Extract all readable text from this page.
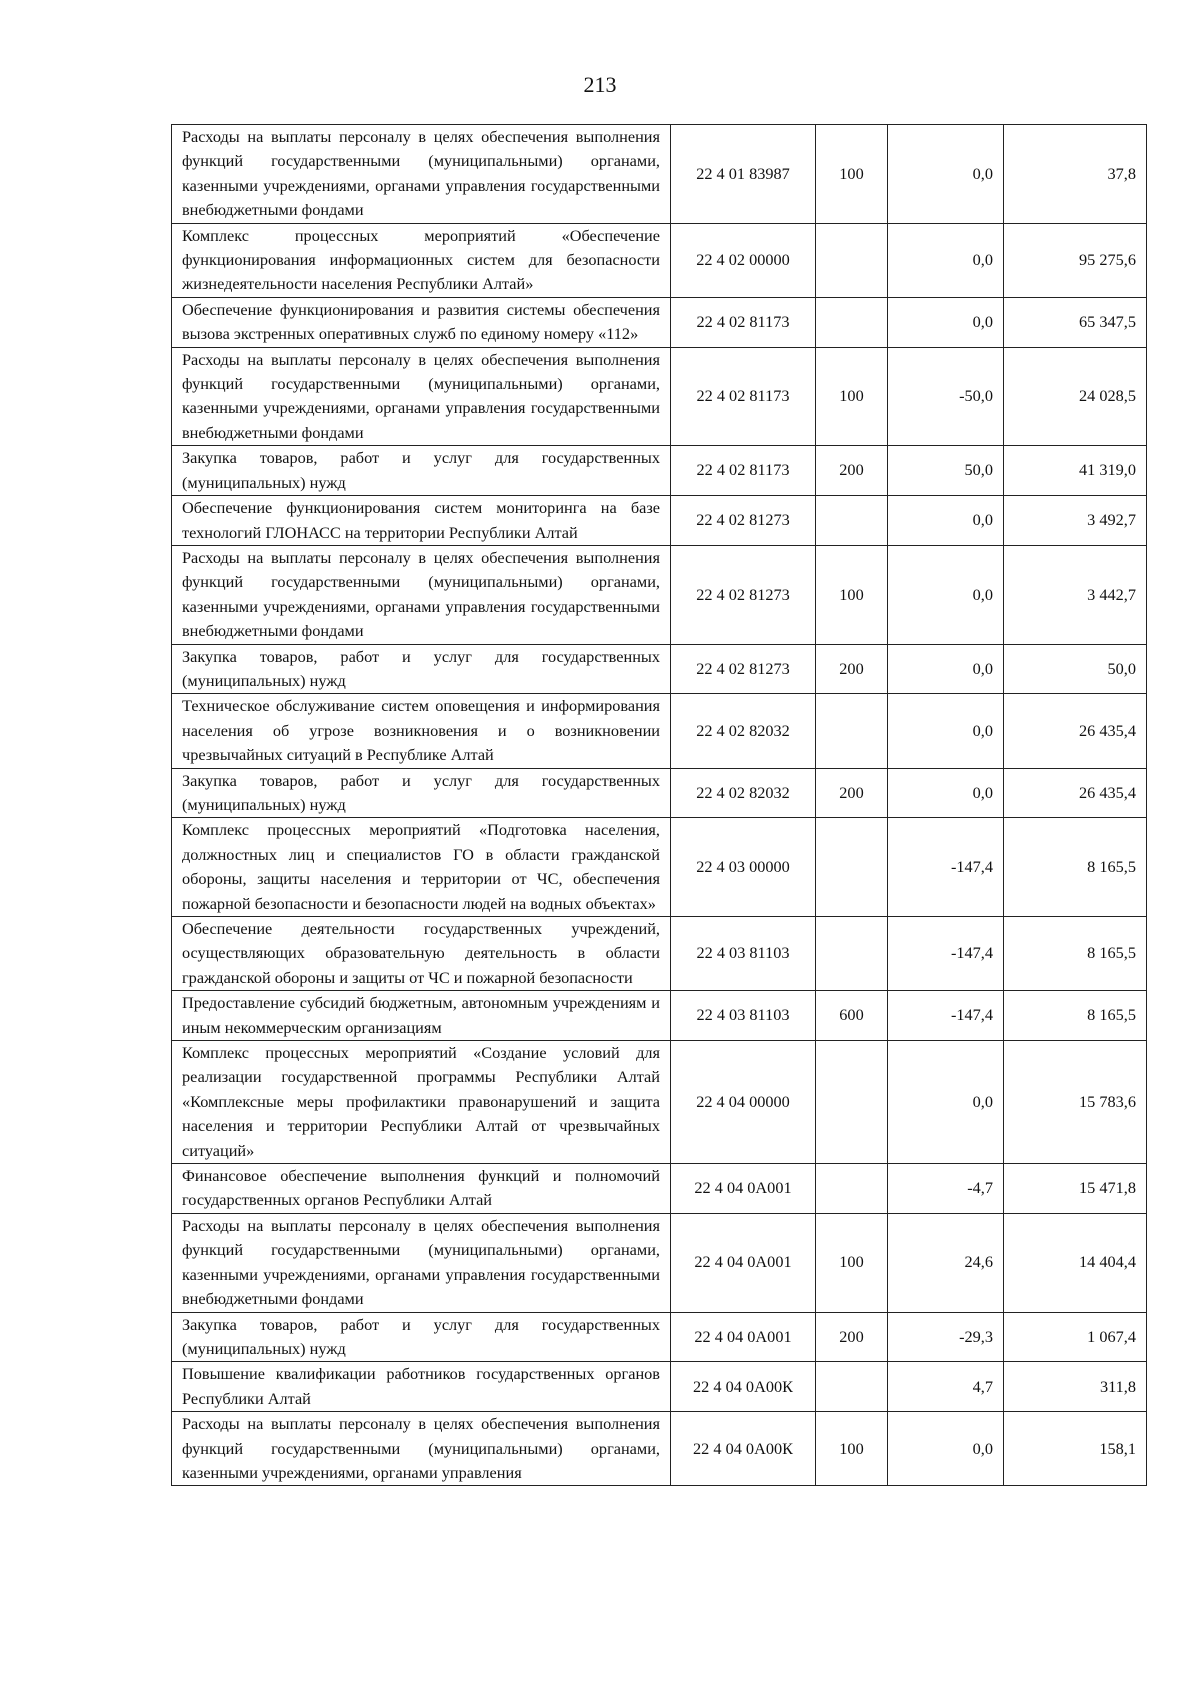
213
Расходы на выплаты персоналу в целях обеспечения выполнения функций государственными (муниципальными) органами, казенными учреждениями, органами управления государственными внебюджетными фондами	22 4 01 83987	100	0,0	37,8
Комплекс процессных мероприятий «Обеспечение функционирования информационных систем для безопасности жизнедеятельности населения Республики Алтай»	22 4 02 00000		0,0	95 275,6
Обеспечение функционирования и развития системы обеспечения вызова экстренных оперативных служб по единому номеру «112»	22 4 02 81173		0,0	65 347,5
Расходы на выплаты персоналу в целях обеспечения выполнения функций государственными (муниципальными) органами, казенными учреждениями, органами управления государственными внебюджетными фондами	22 4 02 81173	100	-50,0	24 028,5
Закупка товаров, работ и услуг для государственных (муниципальных) нужд	22 4 02 81173	200	50,0	41 319,0
Обеспечение функционирования систем мониторинга на базе технологий ГЛОНАСС на территории Республики Алтай	22 4 02 81273		0,0	3 492,7
Расходы на выплаты персоналу в целях обеспечения выполнения функций государственными (муниципальными) органами, казенными учреждениями, органами управления государственными внебюджетными фондами	22 4 02 81273	100	0,0	3 442,7
Закупка товаров, работ и услуг для государственных (муниципальных) нужд	22 4 02 81273	200	0,0	50,0
Техническое обслуживание систем оповещения и информирования населения об угрозе возникновения и о возникновении чрезвычайных ситуаций в Республике Алтай	22 4 02 82032		0,0	26 435,4
Закупка товаров, работ и услуг для государственных (муниципальных) нужд	22 4 02 82032	200	0,0	26 435,4
Комплекс процессных мероприятий «Подготовка населения, должностных лиц и специалистов ГО в области гражданской обороны, защиты населения и территории от ЧС, обеспечения пожарной безопасности и безопасности людей на водных объектах»	22 4 03 00000		-147,4	8 165,5
Обеспечение деятельности государственных учреждений, осуществляющих образовательную деятельность в области гражданской обороны и защиты от ЧС и пожарной безопасности	22 4 03 81103		-147,4	8 165,5
Предоставление субсидий бюджетным, автономным учреждениям и иным некоммерческим организациям	22 4 03 81103	600	-147,4	8 165,5
Комплекс процессных мероприятий «Создание условий для реализации государственной программы Республики Алтай «Комплексные меры профилактики правонарушений и защита населения и территории Республики Алтай от чрезвычайных ситуаций»	22 4 04 00000		0,0	15 783,6
Финансовое обеспечение выполнения функций и полномочий государственных органов Республики Алтай	22 4 04 0A001		-4,7	15 471,8
Расходы на выплаты персоналу в целях обеспечения выполнения функций государственными (муниципальными) органами, казенными учреждениями, органами управления государственными внебюджетными фондами	22 4 04 0A001	100	24,6	14 404,4
Закупка товаров, работ и услуг для государственных (муниципальных) нужд	22 4 04 0A001	200	-29,3	1 067,4
Повышение квалификации работников государственных органов Республики Алтай	22 4 04 0A00К		4,7	311,8
Расходы на выплаты персоналу в целях обеспечения выполнения функций государственными (муниципальными) органами, казенными учреждениями, органами управления	22 4 04 0A00К	100	0,0	158,1
